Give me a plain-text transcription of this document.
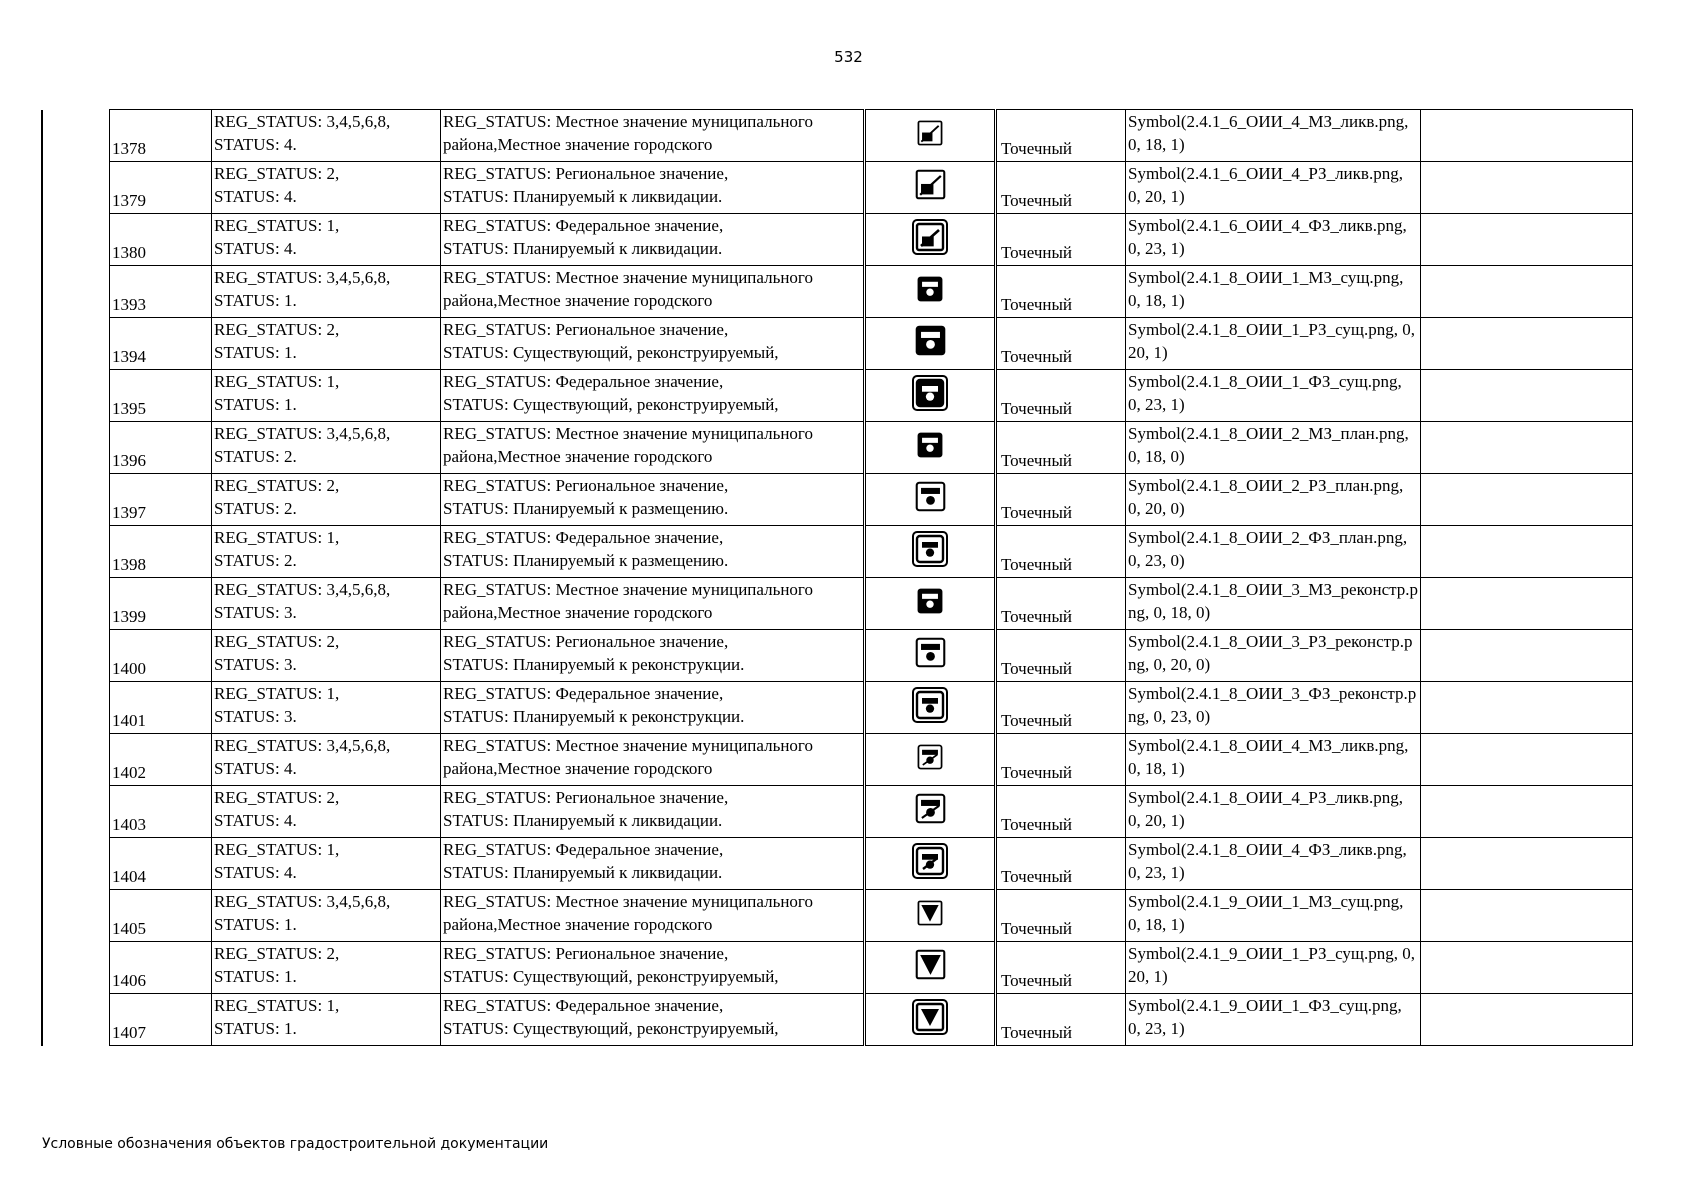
532
1378	REG_STATUS: 3,4,5,6,8,
STATUS: 4.	REG_STATUS: Местное значение муниципального
района,Местное значение городского		Точечный	Symbol(2.4.1_6_ОИИ_4_МЗ_ликв.png, 0, 18, 1)	
1379	REG_STATUS: 2,
STATUS: 4.	REG_STATUS: Региональное значение,
STATUS: Планируемый к ликвидации.		Точечный	Symbol(2.4.1_6_ОИИ_4_РЗ_ликв.png, 0, 20, 1)	
1380	REG_STATUS: 1,
STATUS: 4.	REG_STATUS: Федеральное значение,
STATUS: Планируемый к ликвидации.		Точечный	Symbol(2.4.1_6_ОИИ_4_ФЗ_ликв.png, 0, 23, 1)	
1393	REG_STATUS: 3,4,5,6,8,
STATUS: 1.	REG_STATUS: Местное значение муниципального
района,Местное значение городского		Точечный	Symbol(2.4.1_8_ОИИ_1_МЗ_сущ.png, 0, 18, 1)	
1394	REG_STATUS: 2,
STATUS: 1.	REG_STATUS: Региональное значение,
STATUS: Существующий, реконструируемый,		Точечный	Symbol(2.4.1_8_ОИИ_1_РЗ_сущ.png, 0, 20, 1)	
1395	REG_STATUS: 1,
STATUS: 1.	REG_STATUS: Федеральное значение,
STATUS: Существующий, реконструируемый,		Точечный	Symbol(2.4.1_8_ОИИ_1_ФЗ_сущ.png, 0, 23, 1)	
1396	REG_STATUS: 3,4,5,6,8,
STATUS: 2.	REG_STATUS: Местное значение муниципального
района,Местное значение городского		Точечный	Symbol(2.4.1_8_ОИИ_2_МЗ_план.png, 0, 18, 0)	
1397	REG_STATUS: 2,
STATUS: 2.	REG_STATUS: Региональное значение,
STATUS: Планируемый к размещению.		Точечный	Symbol(2.4.1_8_ОИИ_2_РЗ_план.png, 0, 20, 0)	
1398	REG_STATUS: 1,
STATUS: 2.	REG_STATUS: Федеральное значение,
STATUS: Планируемый к размещению.		Точечный	Symbol(2.4.1_8_ОИИ_2_ФЗ_план.png, 0, 23, 0)	
1399	REG_STATUS: 3,4,5,6,8,
STATUS: 3.	REG_STATUS: Местное значение муниципального
района,Местное значение городского		Точечный	Symbol(2.4.1_8_ОИИ_3_МЗ_реконстр.png, 0, 18, 0)	
1400	REG_STATUS: 2,
STATUS: 3.	REG_STATUS: Региональное значение,
STATUS: Планируемый к реконструкции.		Точечный	Symbol(2.4.1_8_ОИИ_3_РЗ_реконстр.png, 0, 20, 0)	
1401	REG_STATUS: 1,
STATUS: 3.	REG_STATUS: Федеральное значение,
STATUS: Планируемый к реконструкции.		Точечный	Symbol(2.4.1_8_ОИИ_3_ФЗ_реконстр.png, 0, 23, 0)	
1402	REG_STATUS: 3,4,5,6,8,
STATUS: 4.	REG_STATUS: Местное значение муниципального
района,Местное значение городского		Точечный	Symbol(2.4.1_8_ОИИ_4_МЗ_ликв.png, 0, 18, 1)	
1403	REG_STATUS: 2,
STATUS: 4.	REG_STATUS: Региональное значение,
STATUS: Планируемый к ликвидации.		Точечный	Symbol(2.4.1_8_ОИИ_4_РЗ_ликв.png, 0, 20, 1)	
1404	REG_STATUS: 1,
STATUS: 4.	REG_STATUS: Федеральное значение,
STATUS: Планируемый к ликвидации.		Точечный	Symbol(2.4.1_8_ОИИ_4_ФЗ_ликв.png, 0, 23, 1)	
1405	REG_STATUS: 3,4,5,6,8,
STATUS: 1.	REG_STATUS: Местное значение муниципального
района,Местное значение городского		Точечный	Symbol(2.4.1_9_ОИИ_1_МЗ_сущ.png, 0, 18, 1)	
1406	REG_STATUS: 2,
STATUS: 1.	REG_STATUS: Региональное значение,
STATUS: Существующий, реконструируемый,		Точечный	Symbol(2.4.1_9_ОИИ_1_РЗ_сущ.png, 0, 20, 1)	
1407	REG_STATUS: 1,
STATUS: 1.	REG_STATUS: Федеральное значение,
STATUS: Существующий, реконструируемый,		Точечный	Symbol(2.4.1_9_ОИИ_1_ФЗ_сущ.png, 0, 23, 1)	
Условные обозначения объектов градостроительной документации
